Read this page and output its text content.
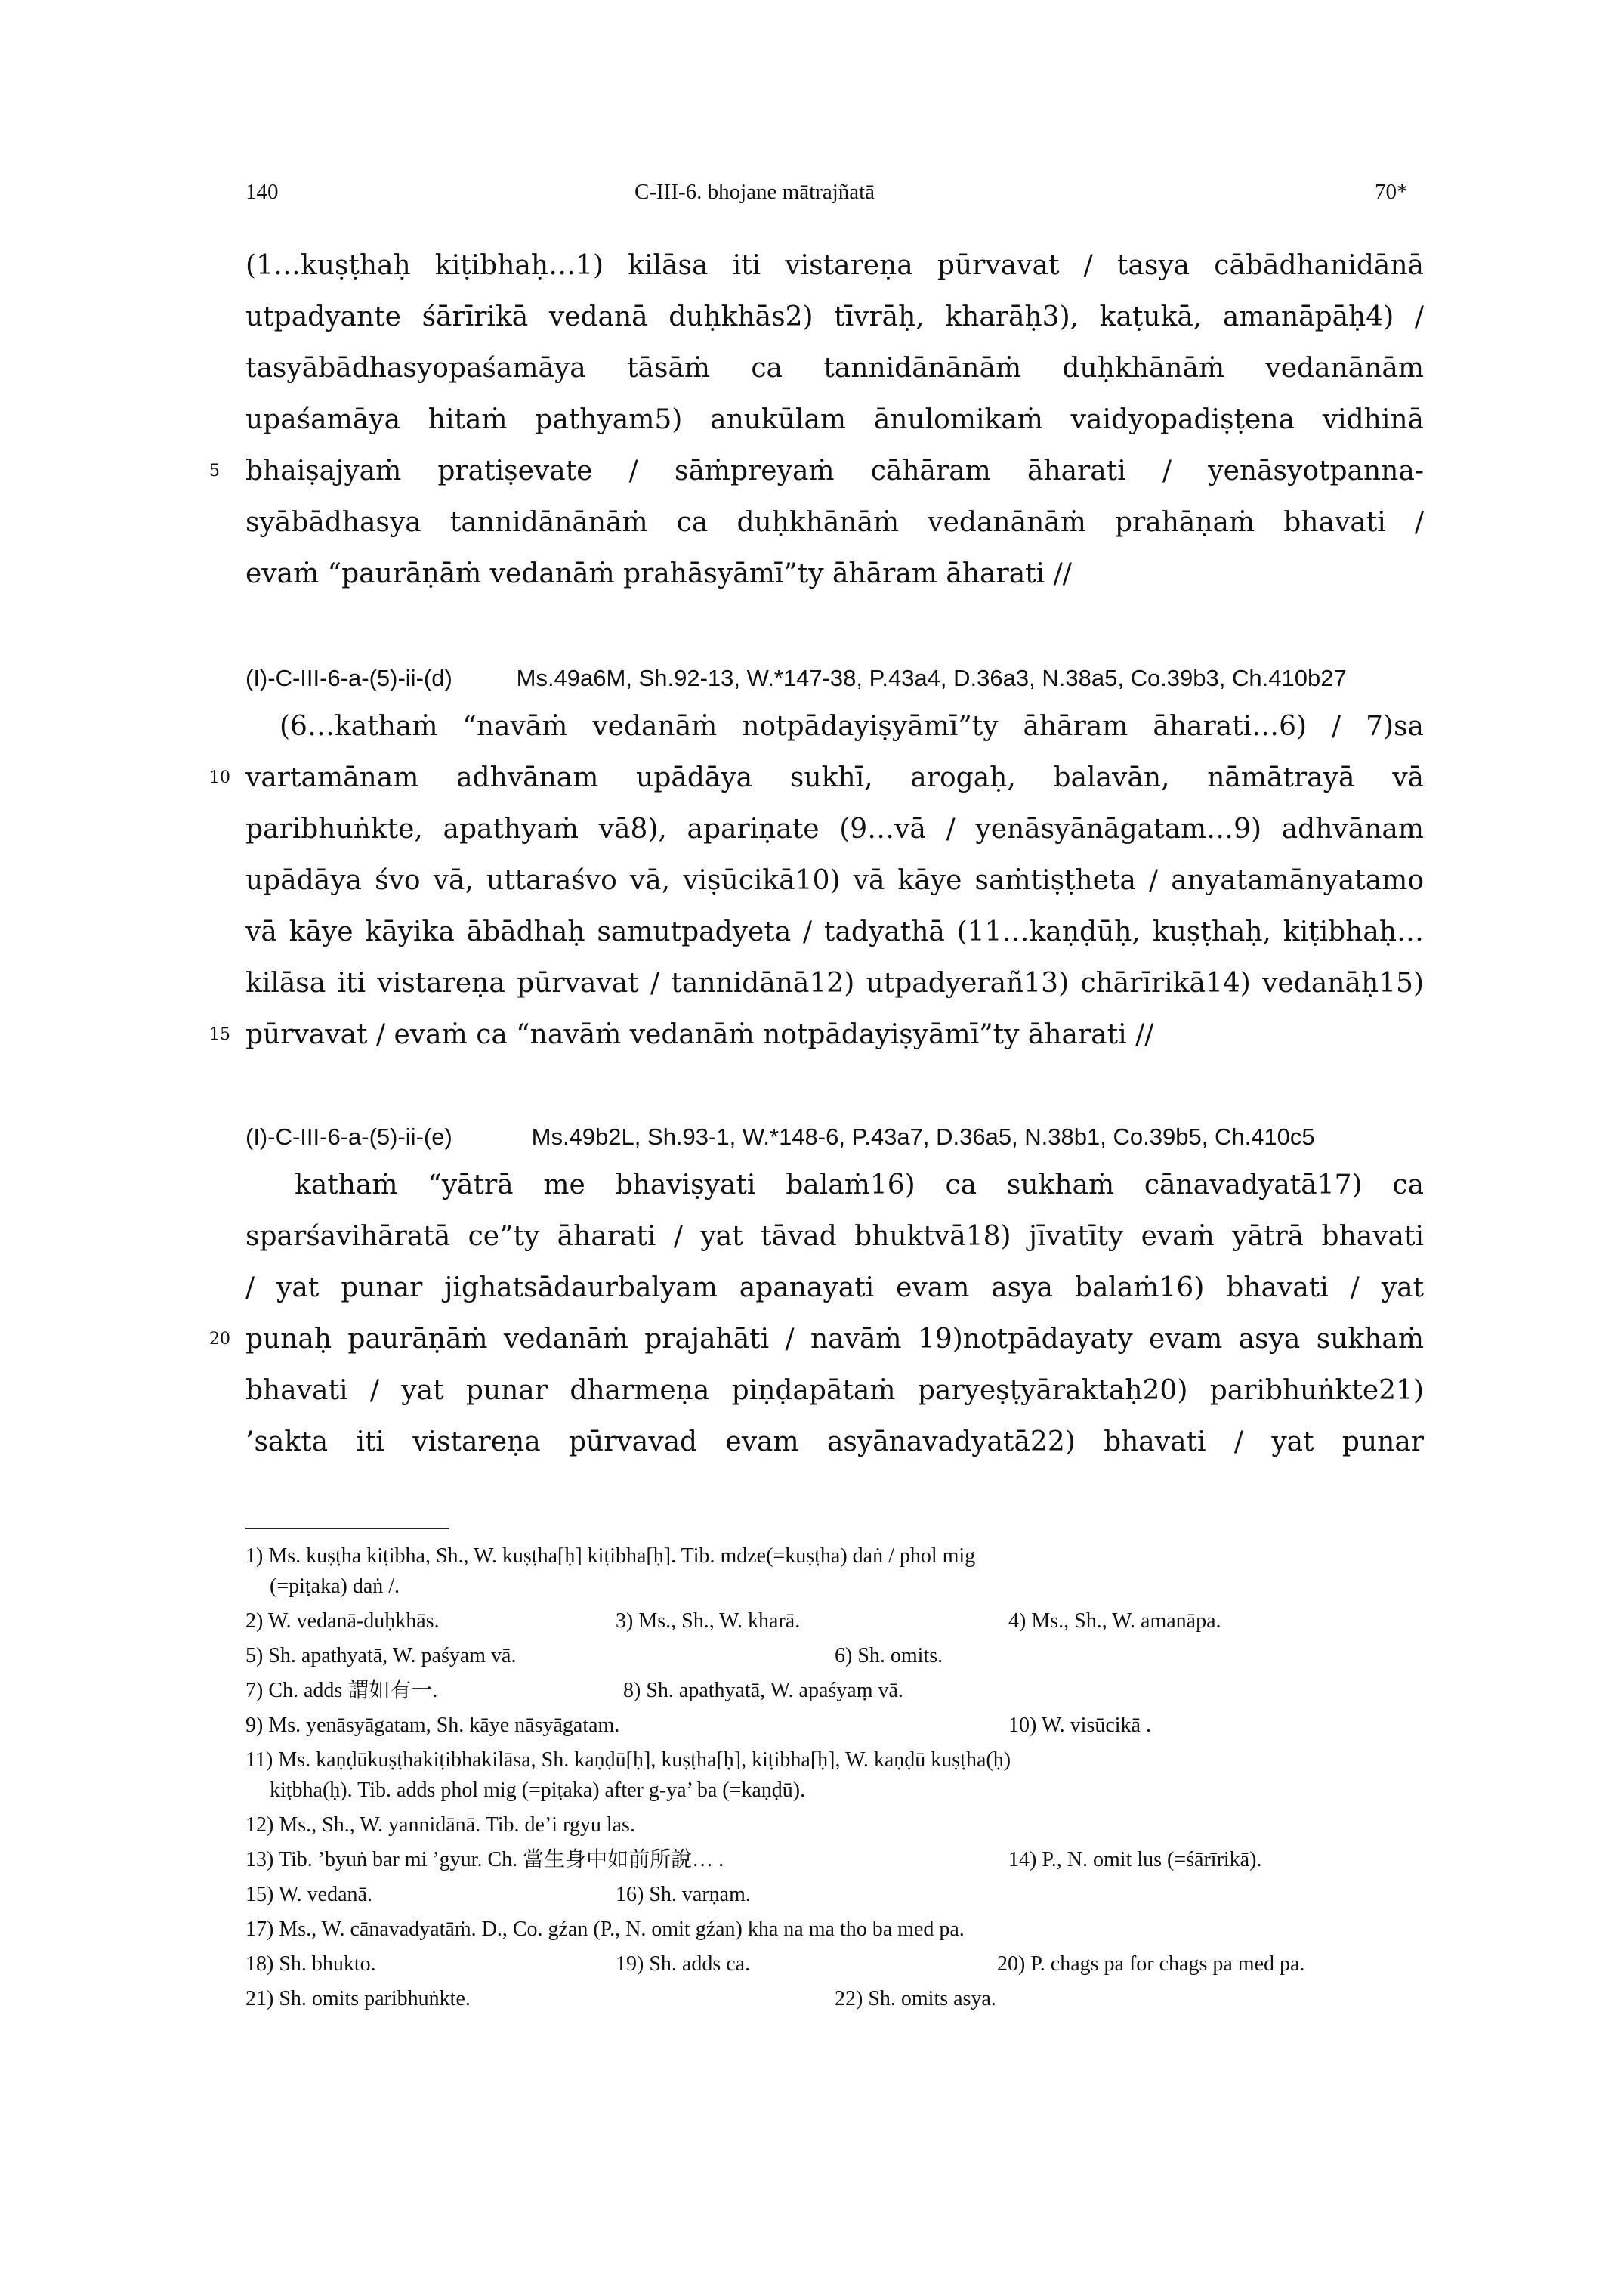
140	C-III-6. bhojane mātrajñatā	70*
(1…kuṣṭhaḥ kiṭibhaḥ…1) kilāsa iti vistareṇa pūrvavat / tasya cābādhanidānā
utpadyante śārīrikā vedanā duḥkhās2) tīvrāḥ, kharāḥ3), kaṭukā, amanāpāḥ4) /
tasyābādhasyopaśamāya tāsāṁ ca tannidānānāṁ duḥkhānāṁ vedanānām
upaśamāya hitaṁ pathyam5) anukūlam ānulomikaṁ vaidyopadiṣṭena vidhinā
5 bhaiṣajyaṁ pratiṣevate / sāṁpreyaṁ cāhāram āharati / yenāsyotpanna-
syābādhasya tannidānānāṁ ca duḥkhānāṁ vedanānāṁ prahāṇaṁ bhavati /
evaṁ “paurāṇāṁ vedanāṁ prahāsyāmī”ty āhāram āharati //
(I)-C-III-6-a-(5)-ii-(d)	Ms.49a6M, Sh.92-13, W.*147-38, P.43a4, D.36a3, N.38a5, Co.39b3, Ch.410b27
(6…kathaṁ “navāṁ vedanāṁ notpādayiṣyāmī”ty āhāram āharati…6) / 7)sa
10 vartamānam adhvānam upādāya sukhī, arogaḥ, balavān, nāmātrayā vā
paribhuṅkte, apathyaṁ vā8), apariṇate (9…vā / yenāsyānāgatam…9) adhvānam
upādāya śvo vā, uttaraśvo vā, viṣūcikā10) vā kāye saṁtiṣṭheta / anyatamānyatamo
vā kāye kāyika ābādhaḥ samutpadyeta / tadyathā (11…kaṇḍūḥ, kuṣṭhaḥ, kiṭibhaḥ…
kilāsa iti vistareṇa pūrvavat / tannidānā12) utpadyerañ13) chārīrikā14) vedanāḥ15)
15 pūrvavat / evaṁ ca “navāṁ vedanāṁ notpādayiṣyāmī”ty āharati //
(I)-C-III-6-a-(5)-ii-(e)	Ms.49b2L, Sh.93-1, W.*148-6, P.43a7, D.36a5, N.38b1, Co.39b5, Ch.410c5
kathaṁ “yātrā me bhaviṣyati balaṁ16) ca sukhaṁ cānavadyatā17) ca
sparśavihāratā ce”ty āharati / yat tāvad bhuktvā18) jīvatīty evaṁ yātrā bhavati
/ yat punar jighatsādaurbalyam apanayati evam asya balaṁ16) bhavati / yat
20 punaḥ paurāṇāṁ vedanāṁ prajahāti / navāṁ 19)notpādayaty evam asya sukhaṁ
bhavati / yat punar dharmeṇa piṇḍapātaṁ paryeṣṭyāraktaḥ20) paribhuṅkte21)
’sakta iti vistareṇa pūrvavad evam asyānavadyatā22) bhavati / yat punar
1) Ms. kuṣṭha kiṭibha, Sh., W. kuṣṭha[ḥ] kiṭibha[ḥ]. Tib. mdze(=kuṣṭha) daṅ / phol mig
(=piṭaka) daṅ /.
2) W. vedanā-duḥkhās.	3) Ms., Sh., W. kharā.	4) Ms., Sh., W. amanāpa.
5) Sh. apathyatā, W. paśyam vā.	6) Sh. omits.
7) Ch. adds 謂如有一.	8) Sh. apathyatā, W. apaśyaṃ vā.
9) Ms. yenāsyāgatam, Sh. kāye nāsyāgatam.	10) W. visūcikā .
11) Ms. kaṇḍūkuṣṭhakiṭibhakilāsa, Sh. kaṇḍū[ḥ], kuṣṭha[ḥ], kiṭibha[ḥ], W. kaṇḍū kuṣṭha(ḥ)
kiṭbha(ḥ). Tib. adds phol mig (=piṭaka) after g-ya’ ba (=kaṇḍū).
12) Ms., Sh., W. yannidānā. Tib. de’i rgyu las.
13) Tib. ’byuṅ bar mi ’gyur. Ch. 當生身中如前所說… .	14) P., N. omit lus (=śārīrikā).
15) W. vedanā.	16) Sh. varṇam.
17) Ms., W. cānavadyatāṁ. D., Co. gźan (P., N. omit gźan) kha na ma tho ba med pa.
18) Sh. bhukto.	19) Sh. adds ca.	20) P. chags pa for chags pa med pa.
21) Sh. omits paribhuṅkte.	22) Sh. omits asya.
